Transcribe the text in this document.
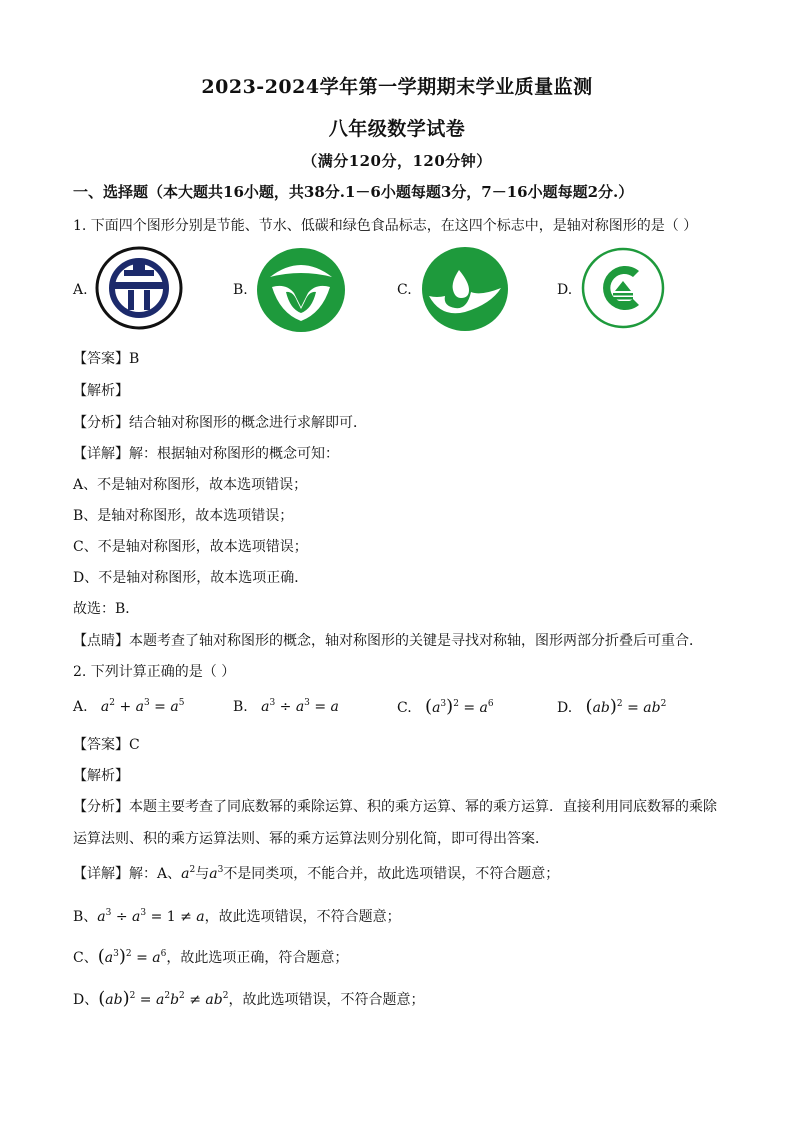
2023-2024学年第一学期期末学业质量监测
八年级数学试卷
（满分120分，120分钟）
一、选择题（本大题共16小题，共38分.1－6小题每题3分，7－16小题每题2分.）
1. 下面四个图形分别是节能、节水、低碳和绿色食品标志，在这四个标志中，是轴对称图形的是（ ）
A.	B.	C.	D.
【答案】B
【解析】
【分析】结合轴对称图形的概念进行求解即可．
【详解】解：根据轴对称图形的概念可知：
A、不是轴对称图形，故本选项错误；
B、是轴对称图形，故本选项错误；
C、不是轴对称图形，故本选项错误；
D、不是轴对称图形，故本选项正确．
故选：B．
【点睛】本题考查了轴对称图形的概念，轴对称图形的关键是寻找对称轴，图形两部分折叠后可重合．
2. 下列计算正确的是（ ）
A.   $a^2 + a^3 = a^5$	B.   $a^3 \div a^3 = a$	C. $(a^3)^2 = a^6$	D. $(ab)^2 = ab^2$
【答案】C
【解析】
【分析】本题主要考查了同底数幂的乘除运算、积的乘方运算、幂的乘方运算．直接利用同底数幂的乘除
运算法则、积的乘方运算法则、幂的乘方运算法则分别化简，即可得出答案．
【详解】解：A、$a^2$与$a^3$不是同类项，不能合并，故此选项错误，不符合题意；
B、$a^3 \div a^3 = 1 \ne a$，故此选项错误，不符合题意；
C、$(a^3)^2 = a^6$，故此选项正确，符合题意；
D、$(ab)^2 = a^2b^2 \ne ab^2$，故此选项错误，不符合题意；
